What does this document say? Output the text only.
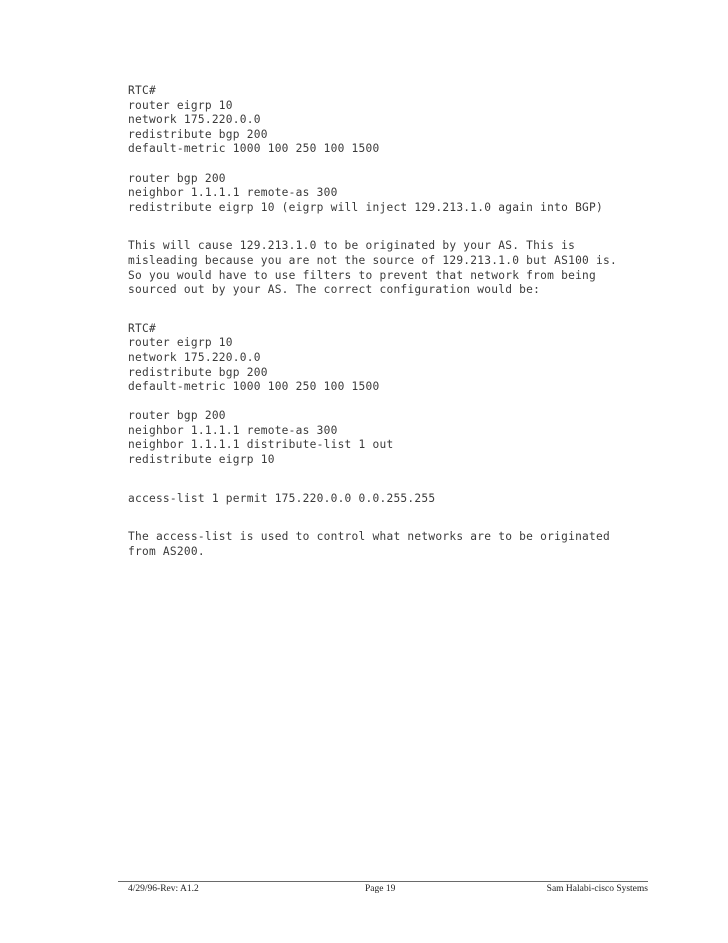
RTC#
router eigrp 10
network 175.220.0.0
redistribute bgp 200
default-metric 1000 100 250 100 1500
router bgp 200
neighbor 1.1.1.1 remote-as 300
redistribute eigrp 10 (eigrp will inject 129.213.1.0 again into BGP)
This will cause 129.213.1.0 to be originated by your AS. This is
misleading because you are not the source of 129.213.1.0 but AS100 is.
So you would have to use filters to prevent that network from being
sourced out by your AS. The correct configuration would be:
RTC#
router eigrp 10
network 175.220.0.0
redistribute bgp 200
default-metric 1000 100 250 100 1500
router bgp 200
neighbor 1.1.1.1 remote-as 300
neighbor 1.1.1.1 distribute-list 1 out
redistribute eigrp 10
access-list 1 permit 175.220.0.0 0.0.255.255
The access-list is used to control what networks are to be originated
from AS200.
4/29/96-Rev: A1.2	Page 19	Sam Halabi-cisco Systems
